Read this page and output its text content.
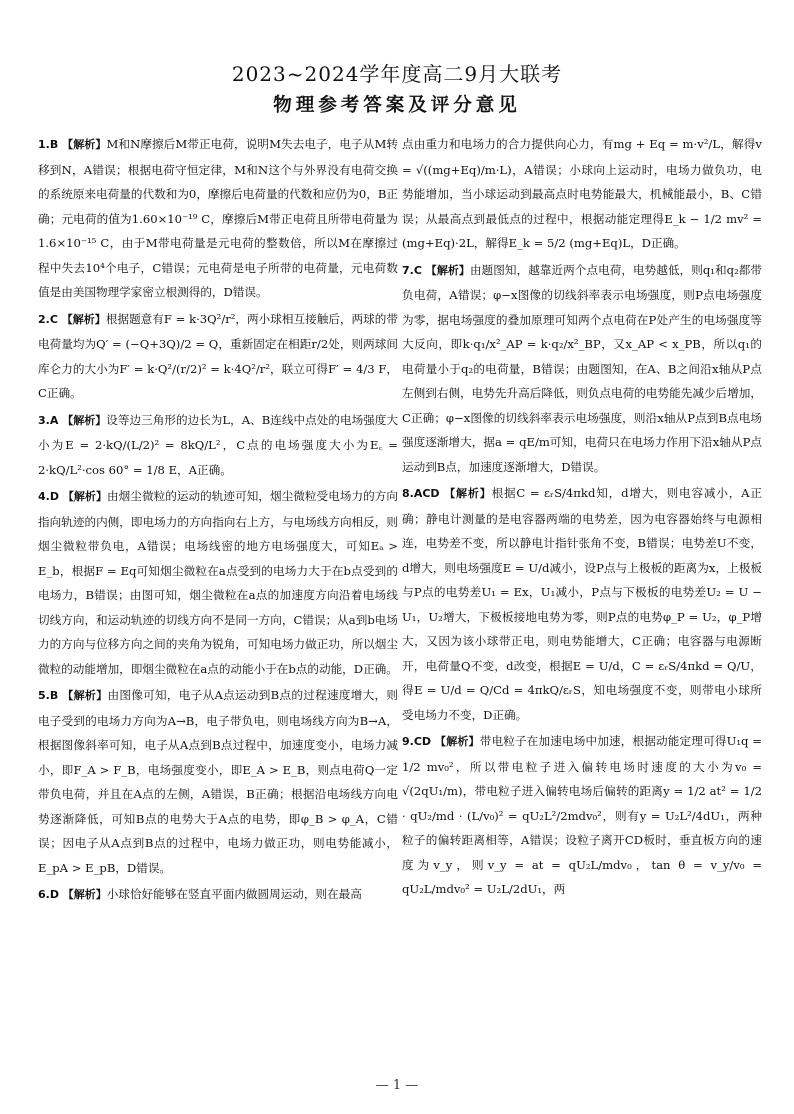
2023~2024学年度高二9月大联考
物理参考答案及评分意见

1.B 【解析】M和N摩擦后M带正电荷，说明M失去电子，电子从M转移到N，A错误；根据电荷守恒定律，M和N这个与外界没有电荷交换的系统原来电荷量的代数和为0，摩擦后电荷量的代数和应仍为0，B正确；元电荷的值为1.60×10⁻¹⁹ C，摩擦后M带正电荷且所带电荷量为1.6×10⁻¹⁵ C，由于M带电荷量是元电荷的整数倍，所以M在摩擦过程中失去10⁴个电子，C错误；元电荷是电子所带的电荷量，元电荷数值是由美国物理学家密立根测得的，D错误。

2.C 【解析】根据题意有F = k·3Q²/r²，两小球相互接触后，两球的带电荷量均为Q′ = (−Q+3Q)/2 = Q，重新固定在相距r/2处，则两球间库仑力的大小为F′ = k·Q²/(r/2)² = k·4Q²/r²，联立可得F′ = 4/3 F，C正确。

3.A 【解析】设等边三角形的边长为L，A、B连线中点处的电场强度大小为E = 2·kQ/(L/2)² = 8kQ/L²，C点的电场强度大小为E꜀ = 2·kQ/L²·cos 60° = 1/8 E，A正确。

4.D 【解析】由烟尘微粒的运动的轨迹可知，烟尘微粒受电场力的方向指向轨迹的内侧，即电场力的方向指向右上方，与电场线方向相反，则烟尘微粒带负电，A错误；电场线密的地方电场强度大，可知Eₐ > E_b，根据F = Eq可知烟尘微粒在a点受到的电场力大于在b点受到的电场力，B错误；由图可知，烟尘微粒在a点的加速度方向沿着电场线切线方向，和运动轨迹的切线方向不是同一方向，C错误；从a到b电场力的方向与位移方向之间的夹角为锐角，可知电场力做正功，所以烟尘微粒的动能增加，即烟尘微粒在a点的动能小于在b点的动能，D正确。

5.B 【解析】由图像可知，电子从A点运动到B点的过程速度增大，则电子受到的电场力方向为A→B，电子带负电，则电场线方向为B→A，根据图像斜率可知，电子从A点到B点过程中，加速度变小，电场力减小，即F_A > F_B，电场强度变小，即E_A > E_B，则点电荷Q一定带负电荷，并且在A点的左侧，A错误，B正确；根据沿电场线方向电势逐渐降低，可知B点的电势大于A点的电势，即φ_B > φ_A，C错误；因电子从A点到B点的过程中，电场力做正功，则电势能减小，E_pA > E_pB，D错误。

6.D 【解析】小球恰好能够在竖直平面内做圆周运动，则在最高

点由重力和电场力的合力提供向心力，有mg + Eq = m·v²/L，解得v = √((mg+Eq)/m·L)，A错误；小球向上运动时，电场力做负功，电势能增加，当小球运动到最高点时电势能最大，机械能最小，B、C错误；从最高点到最低点的过程中，根据动能定理得E_k − 1/2 mv² = (mg+Eq)·2L，解得E_k = 5/2 (mg+Eq)L，D正确。

7.C 【解析】由题图知，越靠近两个点电荷，电势越低，则q₁和q₂都带负电荷，A错误；φ−x图像的切线斜率表示电场强度，则P点电场强度为零，据电场强度的叠加原理可知两个点电荷在P处产生的电场强度等大反向，即k·q₁/x²_AP = k·q₂/x²_BP，又x_AP < x_PB，所以q₁的电荷量小于q₂的电荷量，B错误；由题图知，在A、B之间沿x轴从P点左侧到右侧，电势先升高后降低，则负点电荷的电势能先减少后增加，C正确；φ−x图像的切线斜率表示电场强度，则沿x轴从P点到B点电场强度逐渐增大，据a = qE/m可知，电荷只在电场力作用下沿x轴从P点运动到B点，加速度逐渐增大，D错误。

8.ACD 【解析】根据C = εᵣS/4πkd知，d增大，则电容减小，A正确；静电计测量的是电容器两端的电势差，因为电容器始终与电源相连，电势差不变，所以静电计指针张角不变，B错误；电势差U不变，d增大，则电场强度E = U/d减小，设P点与上极板的距离为x，上极板与P点的电势差U₁ = Ex，U₁减小，P点与下极板的电势差U₂ = U − U₁，U₂增大，下极板接地电势为零，则P点的电势φ_P = U₂，φ_P增大，又因为该小球带正电，则电势能增大，C正确；电容器与电源断开，电荷量Q不变，d改变，根据E = U/d，C = εᵣS/4πkd = Q/U，得E = U/d = Q/Cd = 4πkQ/εᵣS，知电场强度不变，则带电小球所受电场力不变，D正确。

9.CD 【解析】带电粒子在加速电场中加速，根据动能定理可得U₁q = 1/2 mv₀²，所以带电粒子进入偏转电场时速度的大小为v₀ = √(2qU₁/m)，带电粒子进入偏转电场后偏转的距离y = 1/2 at² = 1/2 · qU₂/md · (L/v₀)² = qU₂L²/2mdv₀²，则有y = U₂L²/4dU₁，两种粒子的偏转距离相等，A错误；设粒子离开CD板时，垂直板方向的速度为v_y，则v_y = at = qU₂L/mdv₀，tan θ = v_y/v₀ = qU₂L/mdv₀² = U₂L/2dU₁，两

— 1 —
